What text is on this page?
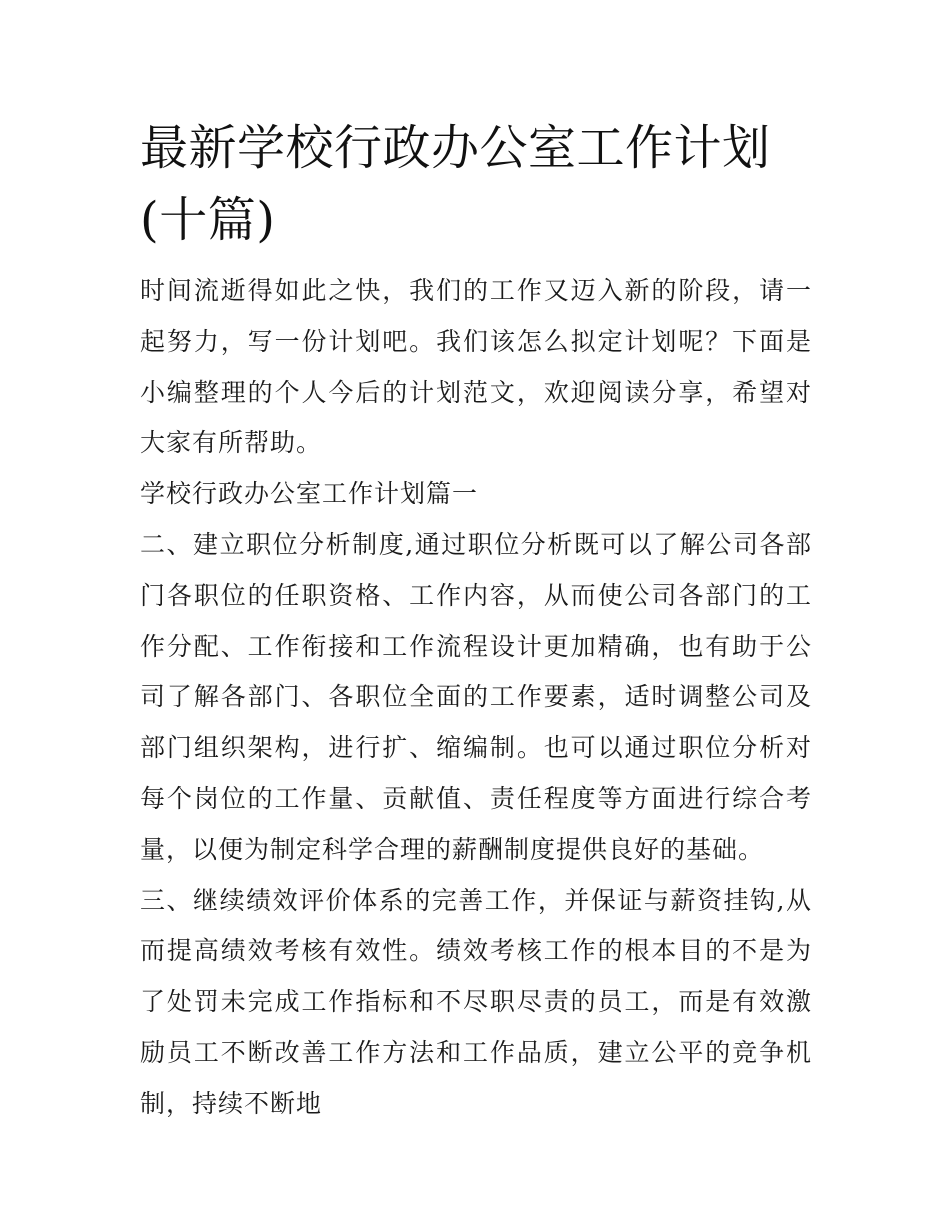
最新学校行政办公室工作计划(十篇)

时间流逝得如此之快，我们的工作又迈入新的阶段，请一起努力，写一份计划吧。我们该怎么拟定计划呢？下面是小编整理的个人今后的计划范文，欢迎阅读分享，希望对大家有所帮助。

学校行政办公室工作计划篇一

二、建立职位分析制度,通过职位分析既可以了解公司各部门各职位的任职资格、工作内容，从而使公司各部门的工作分配、工作衔接和工作流程设计更加精确，也有助于公司了解各部门、各职位全面的工作要素，适时调整公司及部门组织架构，进行扩、缩编制。也可以通过职位分析对每个岗位的工作量、贡献值、责任程度等方面进行综合考量，以便为制定科学合理的薪酬制度提供良好的基础。

三、继续绩效评价体系的完善工作，并保证与薪资挂钩,从而提高绩效考核有效性。绩效考核工作的根本目的不是为了处罚未完成工作指标和不尽职尽责的员工，而是有效激励员工不断改善工作方法和工作品质，建立公平的竞争机制，持续不断地
